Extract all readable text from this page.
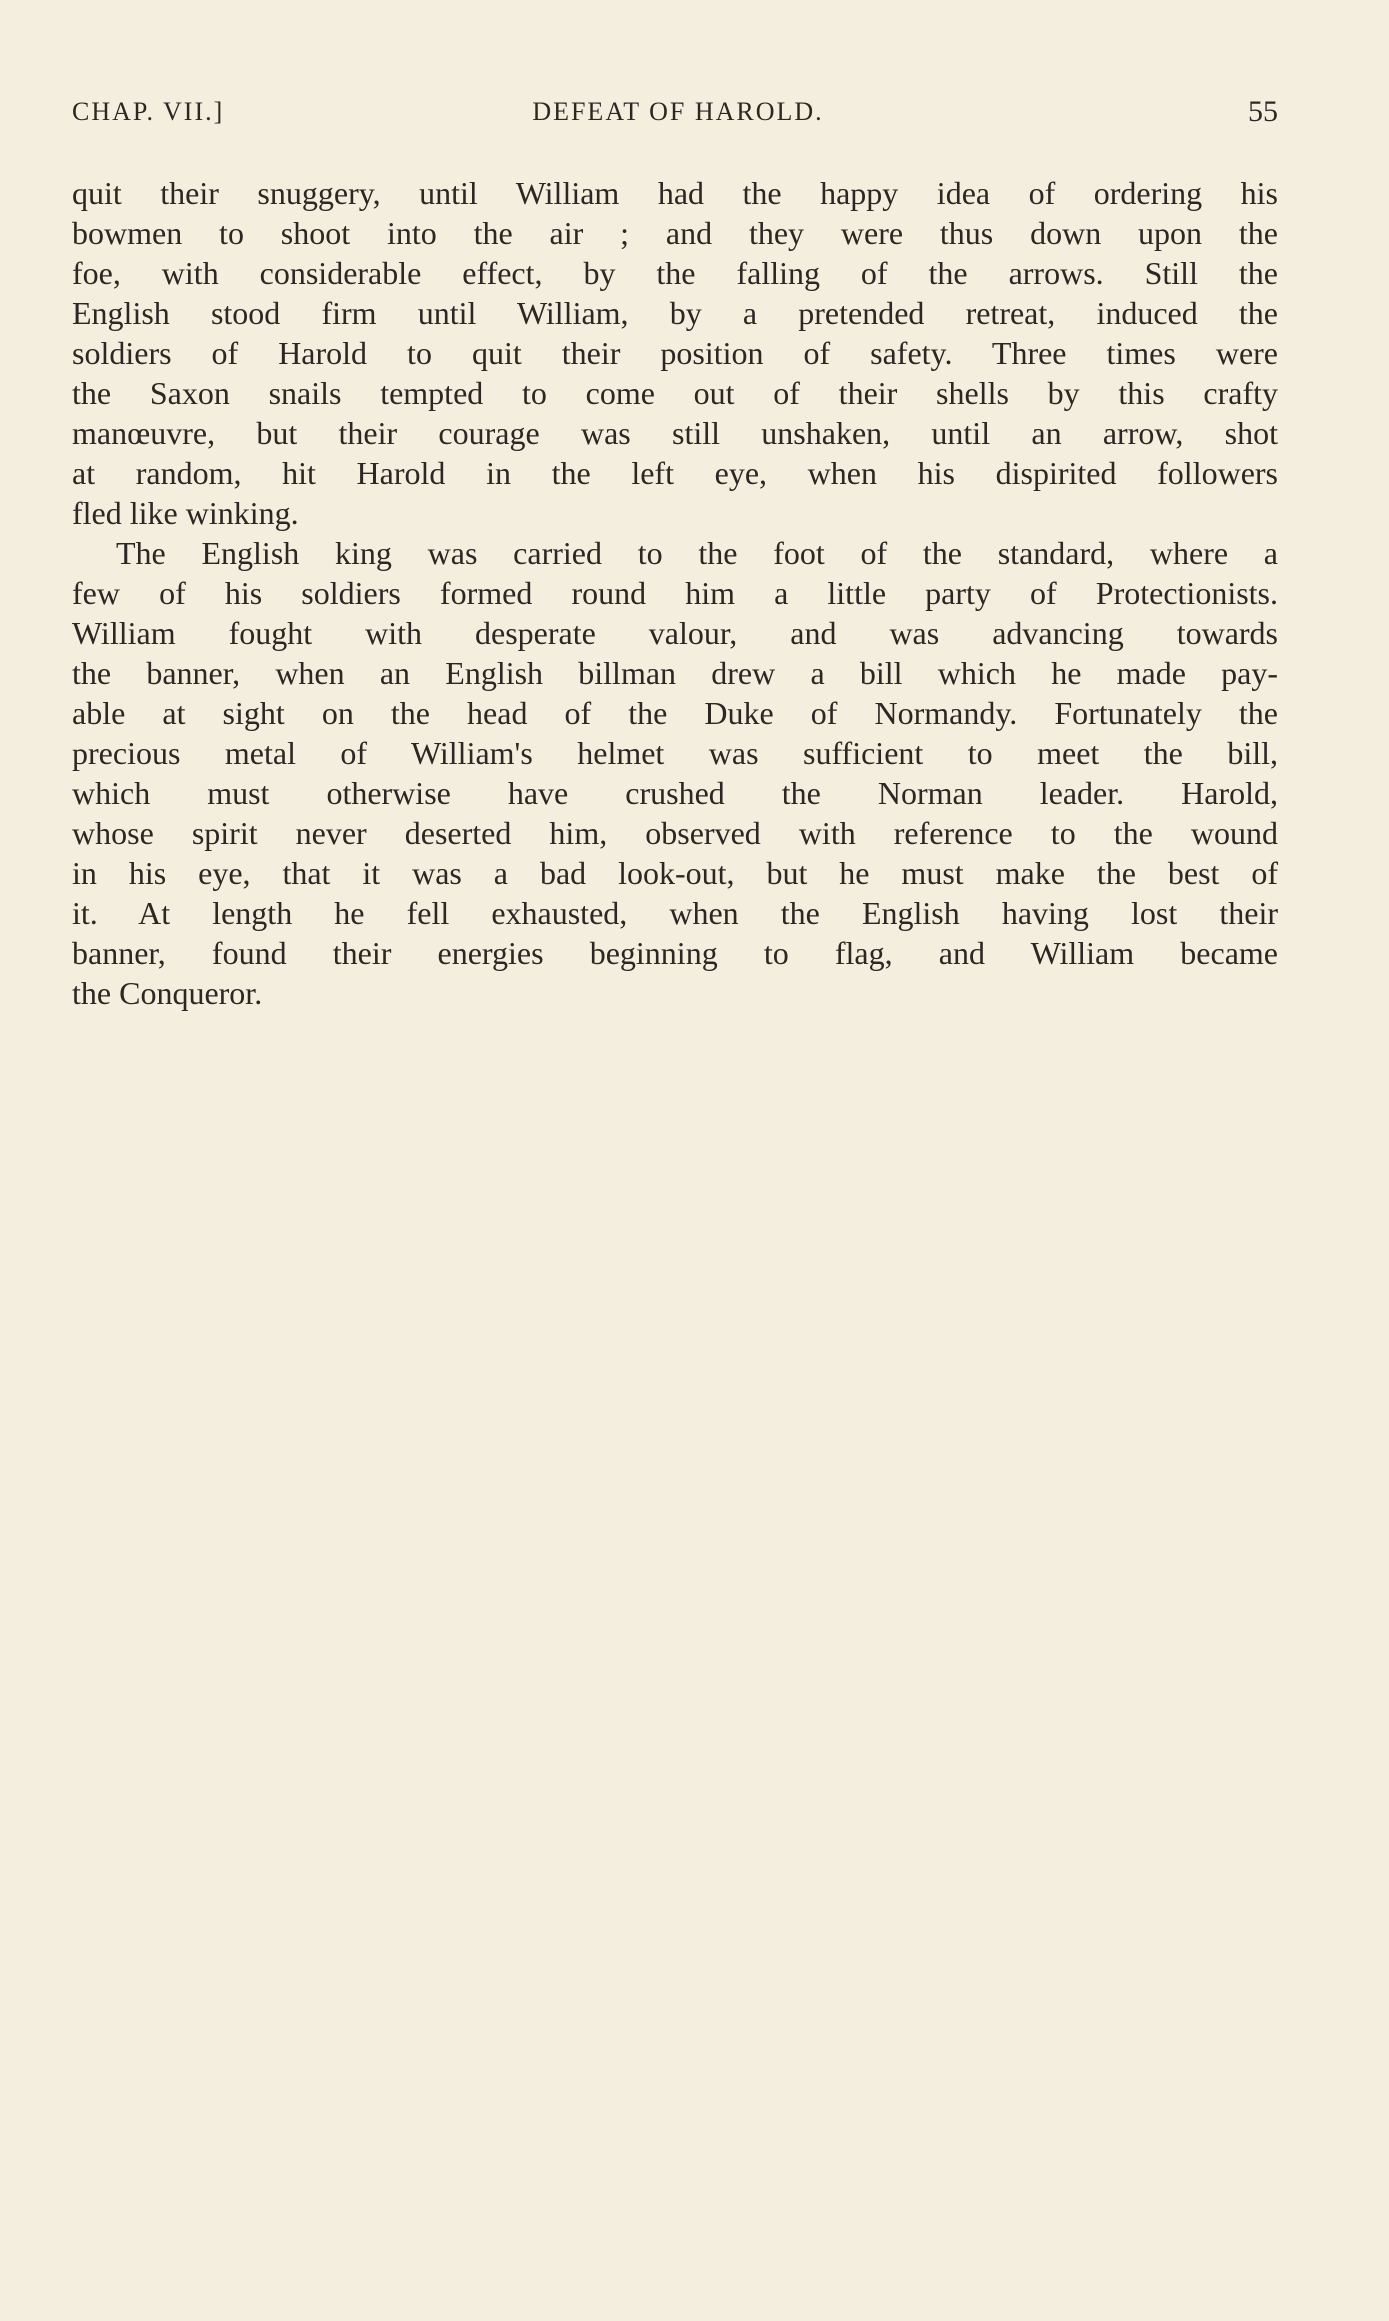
CHAP. VII.]	DEFEAT OF HAROLD.	55
quit their snuggery, until William had the happy idea of ordering his
bowmen to shoot into the air ; and they were thus down upon the
foe, with considerable effect, by the falling of the arrows. Still the
English stood firm until William, by a pretended retreat, induced the
soldiers of Harold to quit their position of safety. Three times were
the Saxon snails tempted to come out of their shells by this crafty
manœuvre, but their courage was still unshaken, until an arrow, shot
at random, hit Harold in the left eye, when his dispirited followers
fled like winking.
The English king was carried to the foot of the standard, where a
few of his soldiers formed round him a little party of Protectionists.
William fought with desperate valour, and was advancing towards
the banner, when an English billman drew a bill which he made pay-
able at sight on the head of the Duke of Normandy. Fortunately the
precious metal of William's helmet was sufficient to meet the bill,
which must otherwise have crushed the Norman leader. Harold,
whose spirit never deserted him, observed with reference to the wound
in his eye, that it was a bad look-out, but he must make the best of
it. At length he fell exhausted, when the English having lost their
banner, found their energies beginning to flag, and William became
the Conqueror.
